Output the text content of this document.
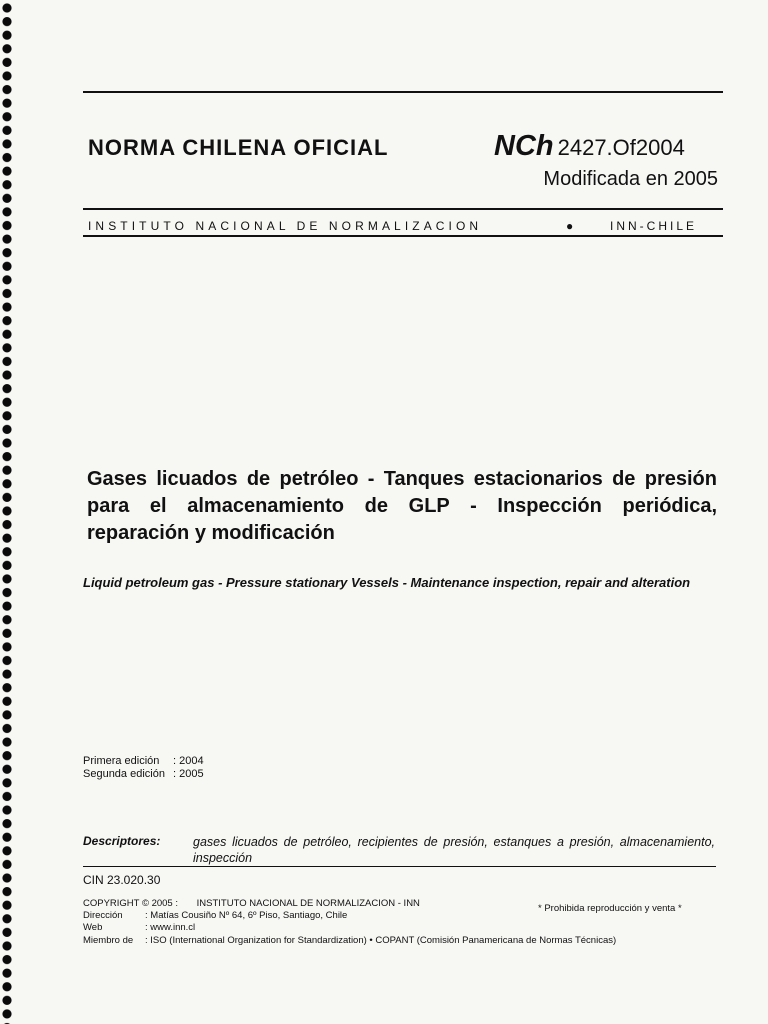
NORMA CHILENA OFICIAL	NCh 2427.Of2004
Modificada en 2005
INSTITUTO NACIONAL DE NORMALIZACION	●	INN-CHILE
Gases licuados de petróleo - Tanques estacionarios de presión para el almacenamiento de GLP - Inspección periódica, reparación y modificación
Liquid petroleum gas - Pressure stationary Vessels - Maintenance inspection, repair and alteration
Primera edición : 2004
Segunda edición : 2005
Descriptores:	gases licuados de petróleo, recipientes de presión, estanques a presión, almacenamiento, inspección
CIN 23.020.30
COPYRIGHT © 2005 : INSTITUTO NACIONAL DE NORMALIZACION - INN	* Prohibida reproducción y venta *
Dirección : Matías Cousiño Nº 64, 6º Piso, Santiago, Chile
Web	: www.inn.cl
Miembro de : ISO (International Organization for Standardization) • COPANT (Comisión Panamericana de Normas Técnicas)
